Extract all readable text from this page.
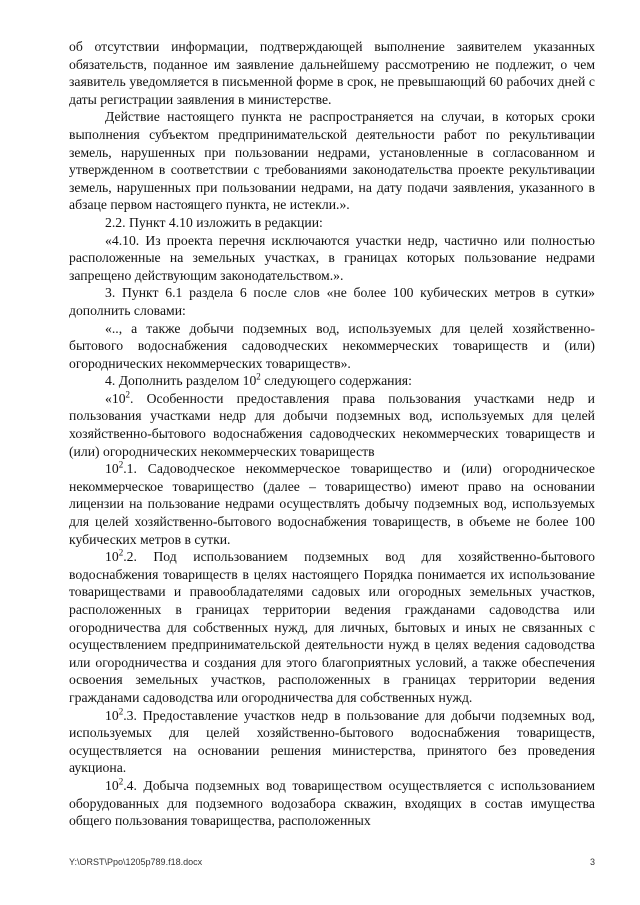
об отсутствии информации, подтверждающей выполнение заявителем указанных обязательств, поданное им заявление дальнейшему рассмотрению не подлежит, о чем заявитель уведомляется в письменной форме в срок, не превышающий 60 рабочих дней с даты регистрации заявления в министерстве.

Действие настоящего пункта не распространяется на случаи, в которых сроки выполнения субъектом предпринимательской деятельности работ по рекультивации земель, нарушенных при пользовании недрами, установленные в согласованном и утвержденном в соответствии с требованиями законодательства проекте рекультивации земель, нарушенных при пользовании недрами, на дату подачи заявления, указанного в абзаце первом настоящего пункта, не истекли.».

2.2. Пункт 4.10 изложить в редакции:

«4.10. Из проекта перечня исключаются участки недр, частично или полностью расположенные на земельных участках, в границах которых пользование недрами запрещено действующим законодательством.».

3. Пункт 6.1 раздела 6 после слов «не более 100 кубических метров в сутки» дополнить словами:

«.., а также добычи подземных вод, используемых для целей хозяйственно-бытового водоснабжения садоводческих некоммерческих товариществ и (или) огороднических некоммерческих товариществ».

4. Дополнить разделом $10^2$ следующего содержания:

«$10^2$. Особенности предоставления права пользования участками недр и пользования участками недр для добычи подземных вод, используемых для целей хозяйственно-бытового водоснабжения садоводческих некоммерческих товариществ и (или) огороднических некоммерческих товариществ

$10^2.1$. Садоводческое некоммерческое товарищество и (или) огородническое некоммерческое товарищество (далее – товарищество) имеют право на основании лицензии на пользование недрами осуществлять добычу подземных вод, используемых для целей хозяйственно-бытового водоснабжения товариществ, в объеме не более 100 кубических метров в сутки.

$10^2.2$. Под использованием подземных вод для хозяйственно-бытового водоснабжения товариществ в целях настоящего Порядка понимается их использование товариществами и правообладателями садовых или огородных земельных участков, расположенных в границах территории ведения гражданами садоводства или огородничества для собственных нужд, для личных, бытовых и иных не связанных с осуществлением предпринимательской деятельности нужд в целях ведения садоводства или огородничества и создания для этого благоприятных условий, а также обеспечения освоения земельных участков, расположенных в границах территории ведения гражданами садоводства или огородничества для собственных нужд.

$10^2.3$. Предоставление участков недр в пользование для добычи подземных вод, используемых для целей хозяйственно-бытового водоснабжения товариществ, осуществляется на основании решения министерства, принятого без проведения аукциона.

$10^2.4$. Добыча подземных вод товариществом осуществляется с использованием оборудованных для подземного водозабора скважин, входящих в состав имущества общего пользования товарищества, расположенных

Y:\ORST\Ppo\1205p789.f18.docx	3
